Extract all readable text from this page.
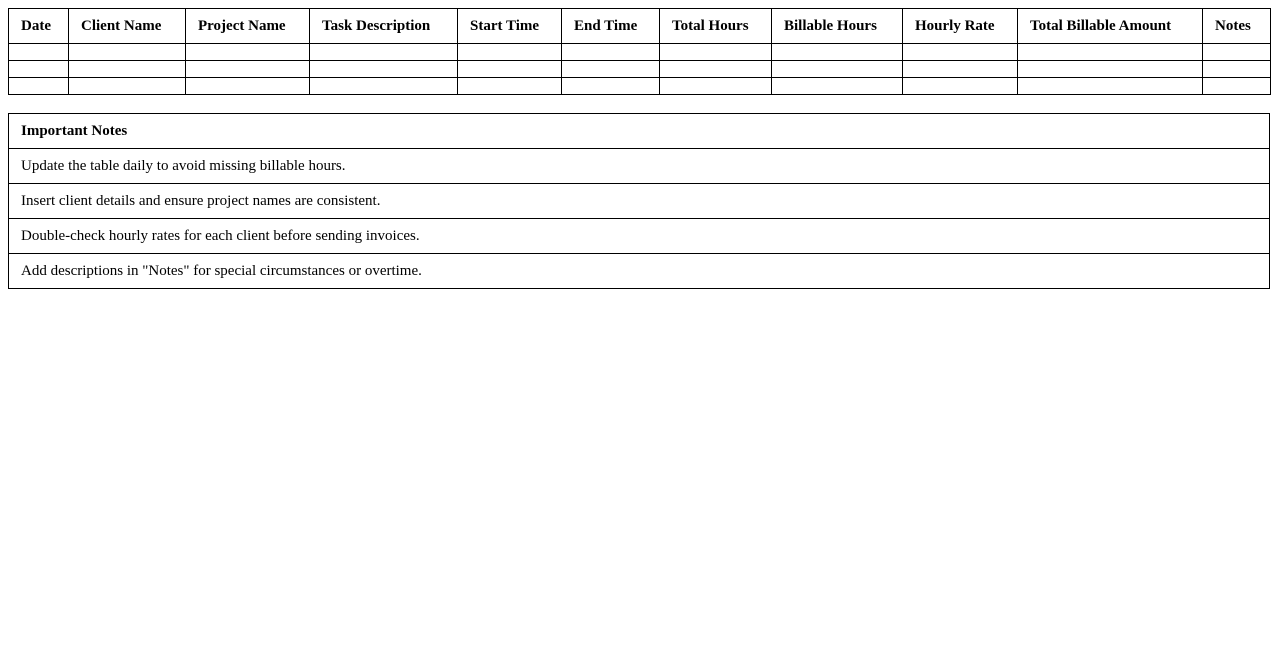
Date	Client Name	Project Name	Task Description	Start Time	End Time	Total Hours	Billable Hours	Hourly Rate	Total Billable Amount	Notes

Important Notes
Update the table daily to avoid missing billable hours.
Insert client details and ensure project names are consistent.
Double-check hourly rates for each client before sending invoices.
Add descriptions in "Notes" for special circumstances or overtime.
